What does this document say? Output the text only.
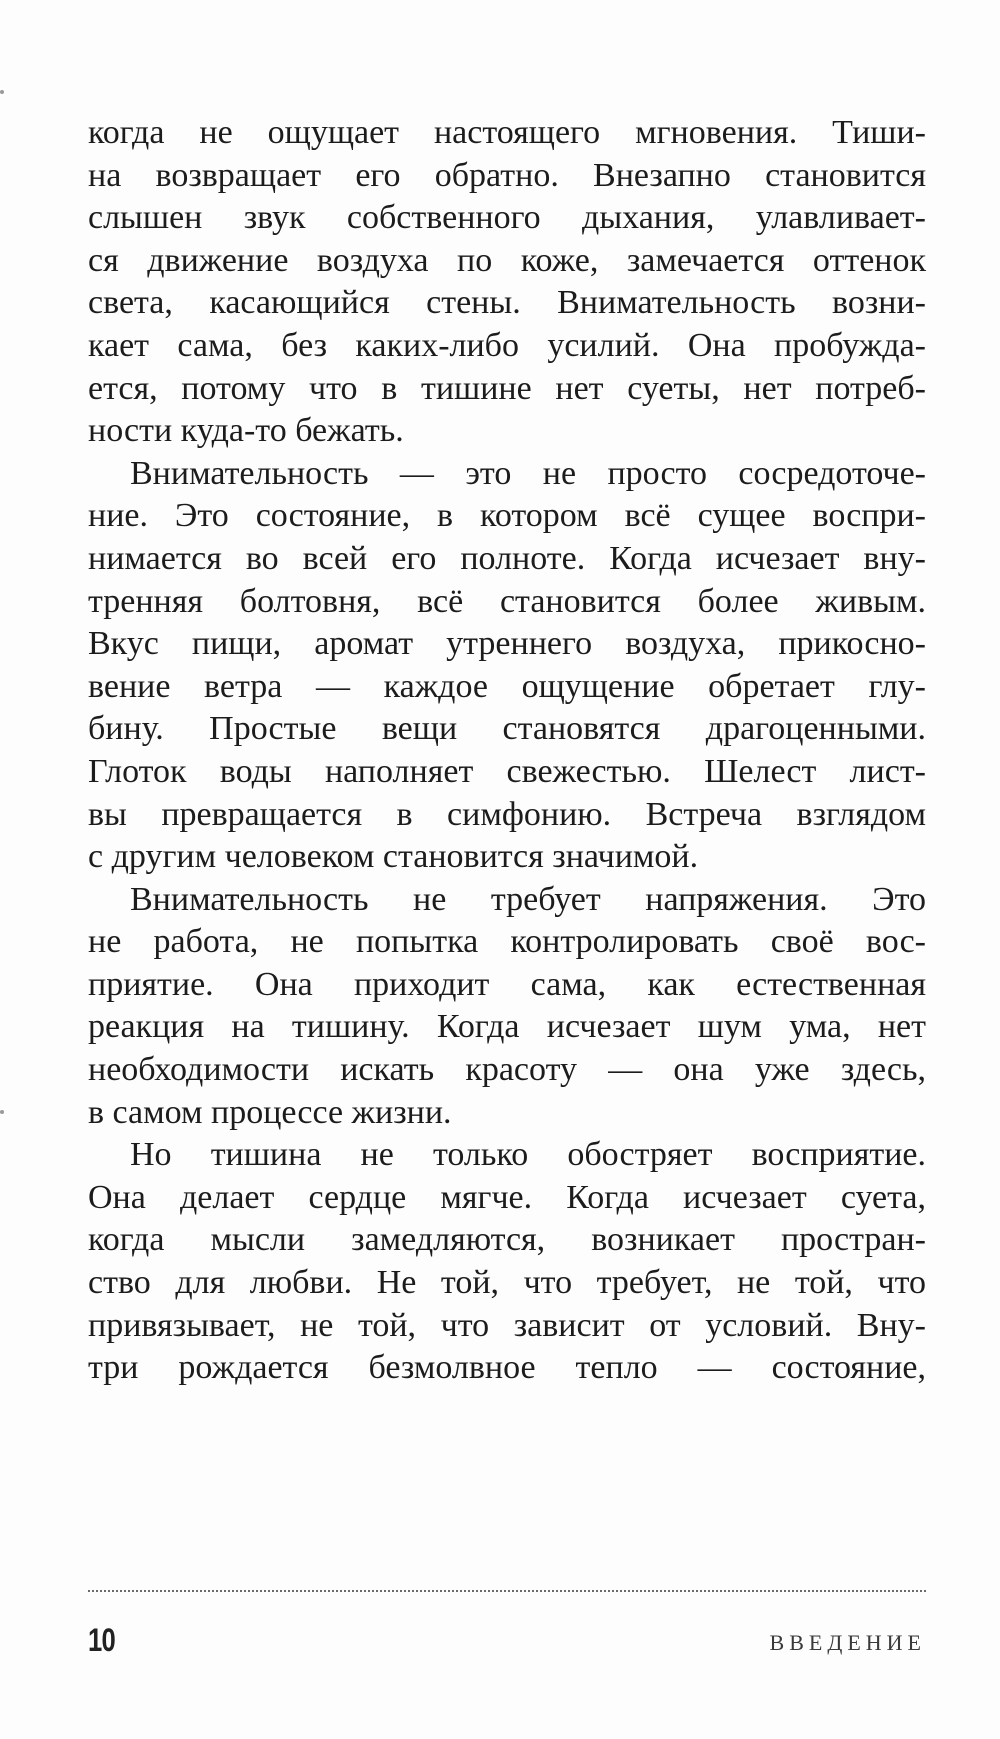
когда не ощущает настоящего мгновения. Тиши-
на возвращает его обратно. Внезапно становится
слышен звук собственного дыхания, улавливает-
ся движение воздуха по коже, замечается оттенок
света, касающийся стены. Внимательность возни-
кает сама, без каких-либо усилий. Она пробужда-
ется, потому что в тишине нет суеты, нет потреб-
ности куда-то бежать.
Внимательность — это не просто сосредоточе-
ние. Это состояние, в котором всё сущее воспри-
нимается во всей его полноте. Когда исчезает вну-
тренняя болтовня, всё становится более живым.
Вкус пищи, аромат утреннего воздуха, прикосно-
вение ветра — каждое ощущение обретает глу-
бину. Простые вещи становятся драгоценными.
Глоток воды наполняет свежестью. Шелест лист-
вы превращается в симфонию. Встреча взглядом
с другим человеком становится значимой.
Внимательность не требует напряжения. Это
не работа, не попытка контролировать своё вос-
приятие. Она приходит сама, как естественная
реакция на тишину. Когда исчезает шум ума, нет
необходимости искать красоту — она уже здесь,
в самом процессе жизни.
Но тишина не только обостряет восприятие.
Она делает сердце мягче. Когда исчезает суета,
когда мысли замедляются, возникает простран-
ство для любви. Не той, что требует, не той, что
привязывает, не той, что зависит от условий. Вну-
три рождается безмолвное тепло — состояние,
10	ВВЕДЕНИЕ
